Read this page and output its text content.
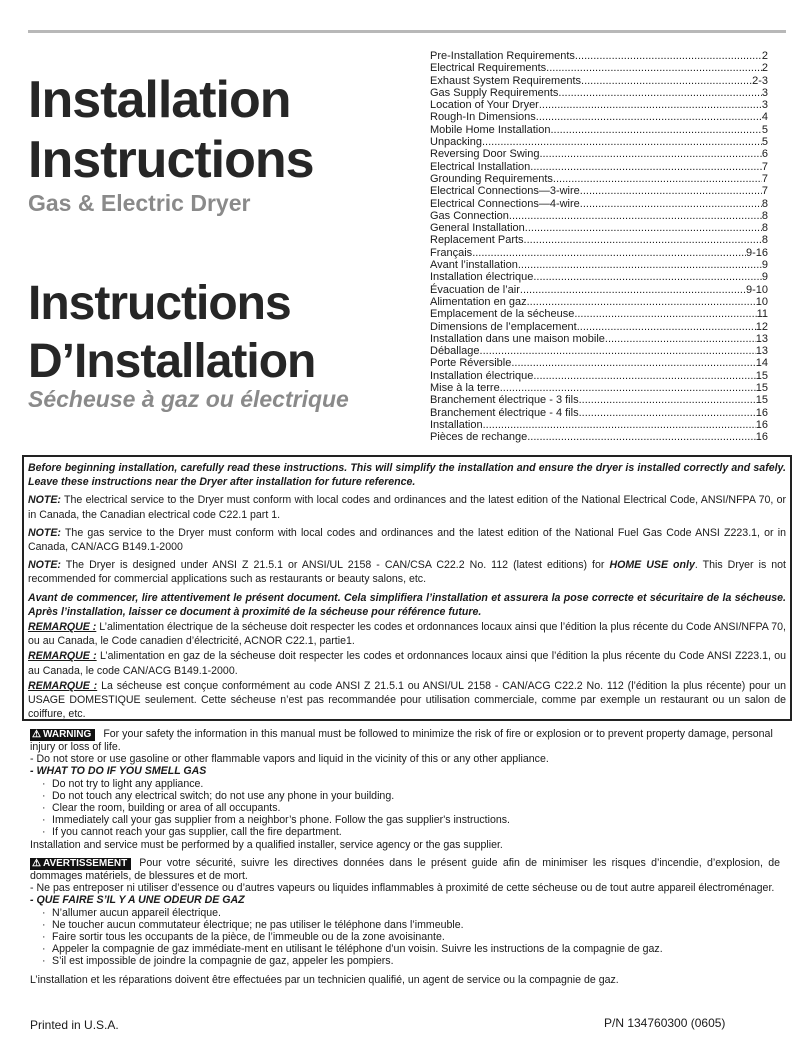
Installation
Instructions
Gas & Electric Dryer
Instructions
D’Installation
Sécheuse à gaz ou électrique
Pre-Installation Requirements .....	2
Electrical Requirements .....	2
Exhaust System Requirements .....	2-3
Gas Supply Requirements .....	3
Location of Your Dryer .....	3
Rough-In Dimensions .....	4
Mobile Home Installation .....	5
Unpacking .....	5
Reversing Door Swing .....	6
Electrical Installation .....	7
Grounding Requirements .....	7
Electrical Connections—3-wire .....	7
Electrical Connections—4-wire .....	8
Gas Connection .....	8
General Installation .....	8
Replacement Parts .....	8
Français .....	9-16
Avant l’installation .....	9
Installation électrique .....	9
Évacuation de l’air .....	9-10
Alimentation en gaz .....	10
Emplacement de la sécheuse .....	11
Dimensions de l’emplacement .....	12
Installation dans une maison mobile .....	13
Déballage .....	13
Porte Réversible .....	14
Installation électrique .....	15
Mise à la terre .....	15
Branchement électrique - 3 fils .....	15
Branchement électrique - 4 fils .....	16
Installation .....	16
Pièces de rechange .....	16

Before beginning installation, carefully read these instructions. This will simplify the installation and ensure the dryer is installed correctly and safely. Leave these instructions near the Dryer after installation for future reference.

NOTE: The electrical service to the Dryer must conform with local codes and ordinances and the latest edition of the National Electrical Code, ANSI/NFPA 70, or in Canada, the Canadian electrical code C22.1 part 1.

NOTE: The gas service to the Dryer must conform with local codes and ordinances and the latest edition of the National Fuel Gas Code ANSI Z223.1, or in Canada, CAN/ACG B149.1-2000

NOTE: The Dryer is designed under ANSI Z 21.5.1 or ANSI/UL 2158 - CAN/CSA C22.2 No. 112 (latest editions) for HOME USE only. This Dryer is not recommended for commercial applications such as restaurants or beauty salons, etc.

Avant de commencer, lire attentivement le présent document. Cela simplifiera l’installation et assurera la pose correcte et sécuritaire de la sécheuse. Après l’installation, laisser ce document à proximité de la sécheuse pour référence future.

REMARQUE : L’alimentation électrique de la sécheuse doit respecter les codes et ordonnances locaux ainsi que l’édition la plus récente du Code ANSI/NFPA 70, ou au Canada, le Code canadien d’électricité, ACNOR C22.1, partie1.

REMARQUE : L’alimentation en gaz de la sécheuse doit respecter les codes et ordonnances locaux ainsi que l’édition la plus récente du Code ANSI Z223.1, ou au Canada, le code CAN/ACG B149.1-2000.

REMARQUE : La sécheuse est conçue conformément au code ANSI Z 21.5.1 ou ANSI/UL 2158 - CAN/ACG C22.2 No. 112 (l’édition la plus récente) pour un USAGE DOMESTIQUE seulement. Cette sécheuse n’est pas recommandée pour utilisation commerciale, comme par exemple un restaurant ou un salon de coiffure, etc.

⚠ WARNING For your safety the information in this manual must be followed to minimize the risk of fire or explosion or to prevent property damage, personal injury or loss of life.

- Do not store or use gasoline or other flammable vapors and liquid in the vicinity of this or any other appliance.

- WHAT TO DO IF YOU SMELL GAS

· Do not try to light any appliance.

· Do not touch any electrical switch; do not use any phone in your building.

· Clear the room, building or area of all occupants.

· Immediately call your gas supplier from a neighbor’s phone. Follow the gas supplier's instructions.

· If you cannot reach your gas supplier, call the fire department.

Installation and service must be performed by a qualified installer, service agency or the gas supplier.

⚠ AVERTISSEMENT Pour votre sécurité, suivre les directives données dans le présent guide afin de minimiser les risques d’incendie, d’explosion, de dommages matériels, de blessures et de mort.

- Ne pas entreposer ni utiliser d’essence ou d’autres vapeurs ou liquides inflammables à proximité de cette sécheuse ou de tout autre appareil électroménager.

- QUE FAIRE S’IL Y A UNE ODEUR DE GAZ

· N’allumer aucun appareil électrique.

· Ne toucher aucun commutateur électrique; ne pas utiliser le téléphone dans l’immeuble.

· Faire sortir tous les occupants de la pièce, de l’immeuble ou de la zone avoisinante.

· Appeler la compagnie de gaz immédiate-ment en utilisant le téléphone d’un voisin. Suivre les instructions de la compagnie de gaz.

· S’il est impossible de joindre la compagnie de gaz, appeler les pompiers.

L’installation et les réparations doivent être effectuées par un technicien qualifié, un agent de service ou la compagnie de gaz.

Printed in U.S.A.	P/N 134760300 (0605)
